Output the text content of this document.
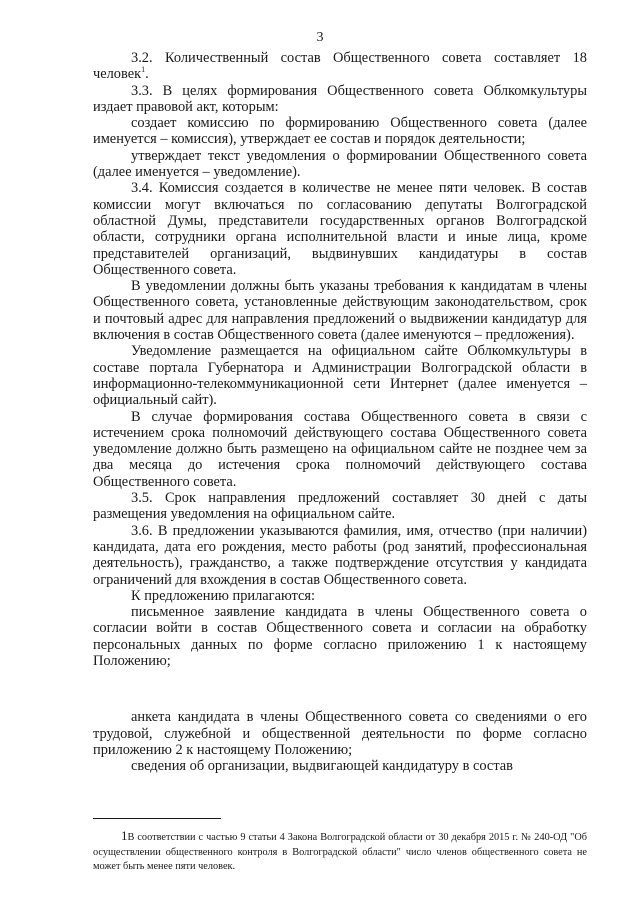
3

3.2. Количественный состав Общественного совета составляет 18 человек$^1$.

3.3. В целях формирования Общественного совета Облкомкультуры издает правовой акт, которым:

создает комиссию по формированию Общественного совета (далее именуется – комиссия), утверждает ее состав и порядок деятельности;

утверждает текст уведомления о формировании Общественного совета (далее именуется – уведомление).

3.4. Комиссия создается в количестве не менее пяти человек. В состав комиссии могут включаться по согласованию депутаты Волгоградской областной Думы, представители государственных органов Волгоградской области, сотрудники органа исполнительной власти и иные лица, кроме представителей организаций, выдвинувших кандидатуры в состав Общественного совета.

В уведомлении должны быть указаны требования к кандидатам в члены Общественного совета, установленные действующим законодательством, срок и почтовый адрес для направления предложений о выдвижении кандидатур для включения в состав Общественного совета (далее именуются – предложения).

Уведомление размещается на официальном сайте Облкомкультуры в составе портала Губернатора и Администрации Волгоградской области в информационно-телекоммуникационной сети Интернет (далее именуется – официальный сайт).

В случае формирования состава Общественного совета в связи с истечением срока полномочий действующего состава Общественного совета уведомление должно быть размещено на официальном сайте не позднее чем за два месяца до истечения срока полномочий действующего состава Общественного совета.

3.5. Срок направления предложений составляет 30 дней с даты размещения уведомления на официальном сайте.

3.6. В предложении указываются фамилия, имя, отчество (при наличии) кандидата, дата его рождения, место работы (род занятий, профессиональная деятельность), гражданство, а также подтверждение отсутствия у кандидата ограничений для вхождения в состав Общественного совета.

К предложению прилагаются:

письменное заявление кандидата в члены Общественного совета о согласии войти в состав Общественного совета и согласии на обработку персональных данных по форме согласно приложению 1 к настоящему Положению;

анкета кандидата в члены Общественного совета со сведениями о его трудовой, служебной и общественной деятельности по форме согласно приложению 2 к настоящему Положению;

сведения об организации, выдвигающей кандидатуру в состав

1В соответствии с частью 9 статьи 4 Закона Волгоградской области от 30 декабря 2015 г. № 240-ОД "Об осуществлении общественного контроля в Волгоградской области" число членов общественного совета не может быть менее пяти человек.
